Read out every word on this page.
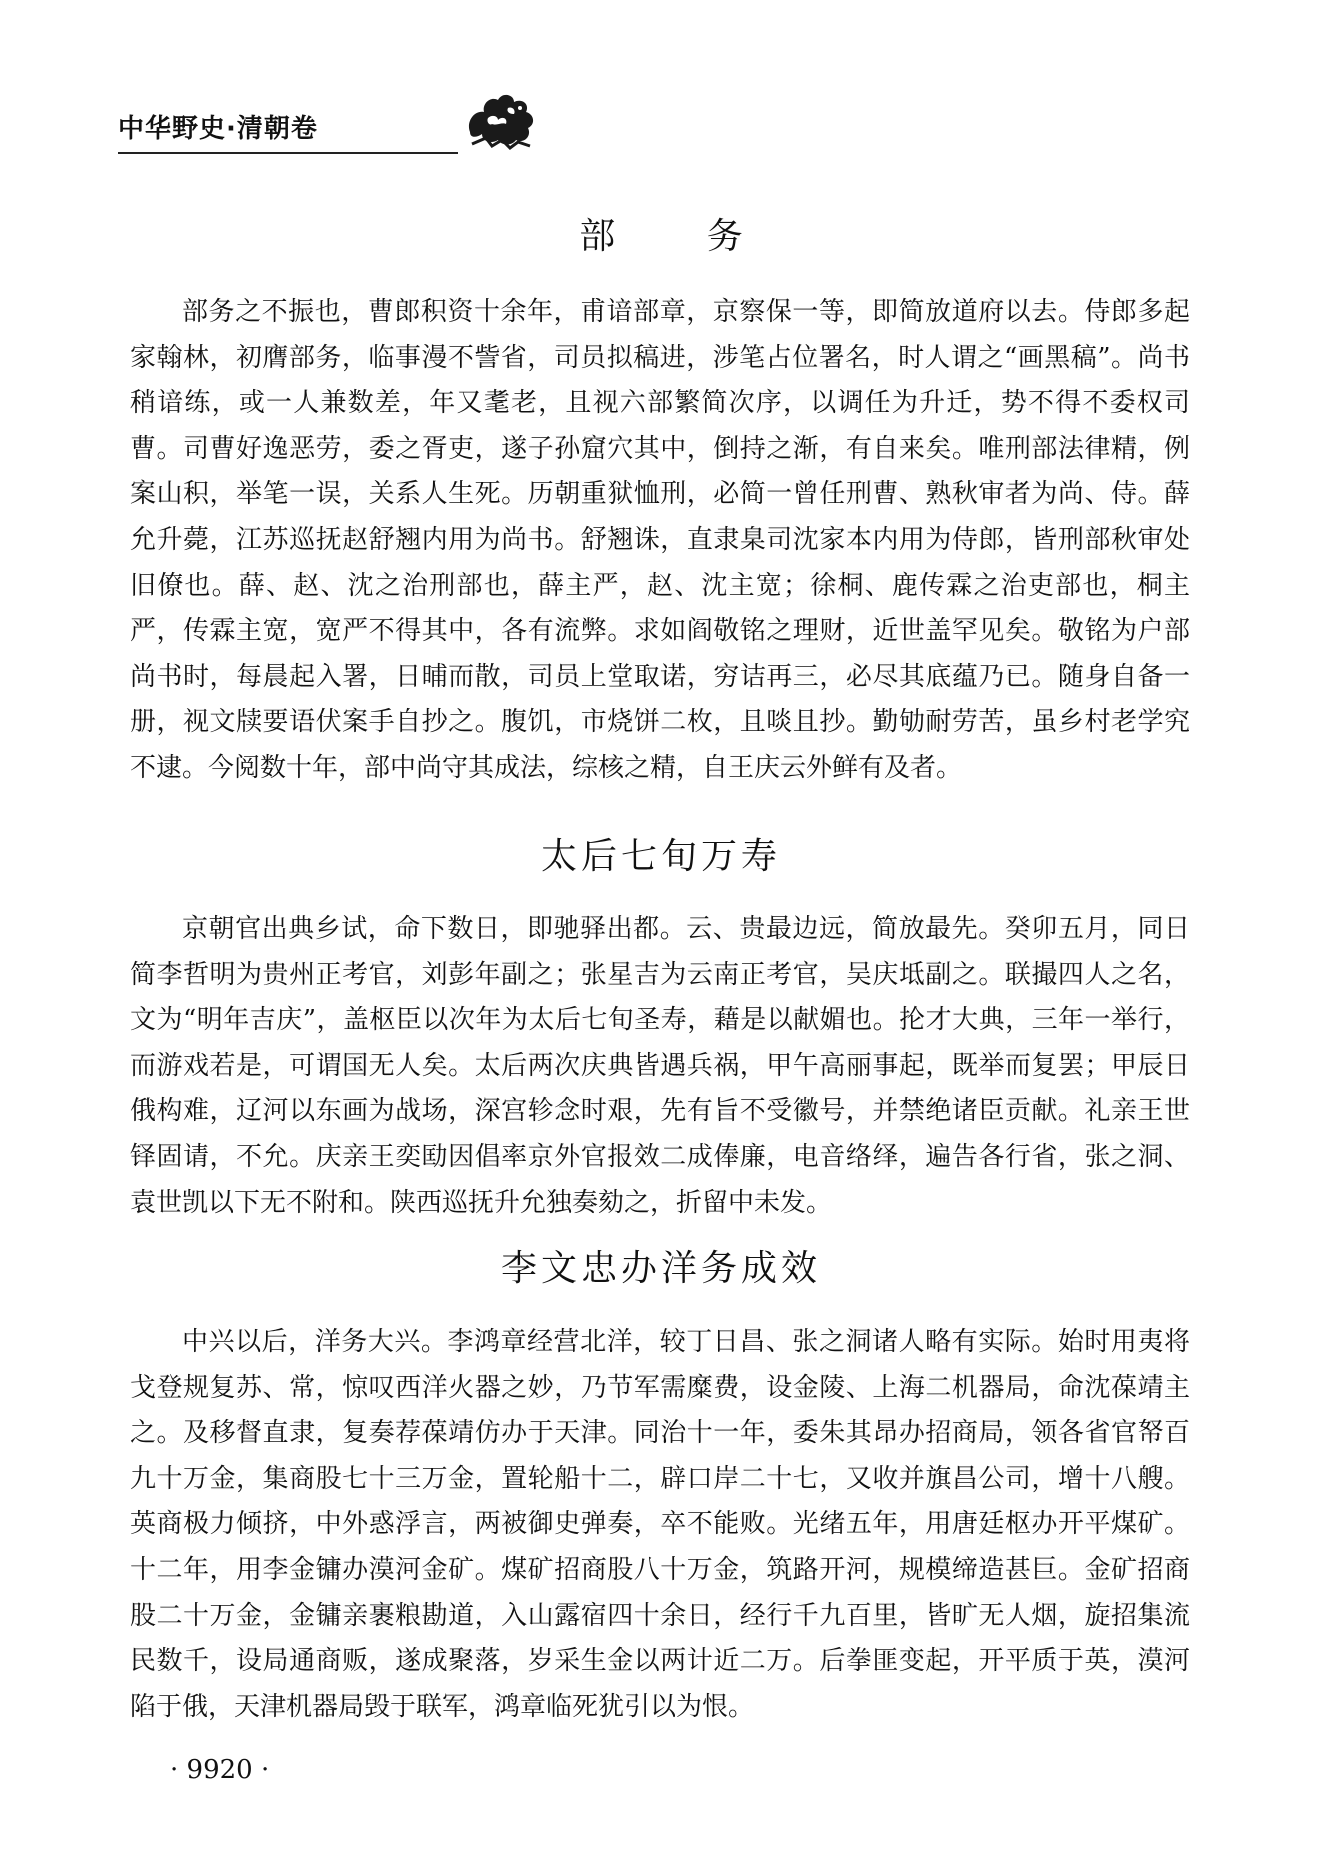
中华野史·清朝卷
部 务

部务之不振也，曹郎积资十余年，甫谙部章，京察保一等，即简放道府以去。侍郎多起家翰林，初膺部务，临事漫不訾省，司员拟稿进，涉笔占位署名，时人谓之“画黑稿”。尚书稍谙练，或一人兼数差，年又耄老，且视六部繁简次序，以调任为升迁，势不得不委权司曹。司曹好逸恶劳，委之胥吏，遂子孙窟穴其中，倒持之渐，有自来矣。唯刑部法律精，例案山积，举笔一误，关系人生死。历朝重狱恤刑，必简一曾任刑曹、熟秋审者为尚、侍。薛允升薨，江苏巡抚赵舒翘内用为尚书。舒翘诛，直隶臬司沈家本内用为侍郎，皆刑部秋审处旧僚也。薛、赵、沈之治刑部也，薛主严，赵、沈主宽；徐桐、鹿传霖之治吏部也，桐主严，传霖主宽，宽严不得其中，各有流弊。求如阎敬铭之理财，近世盖罕见矣。敬铭为户部尚书时，每晨起入署，日晡而散，司员上堂取诺，穷诘再三，必尽其底蕴乃已。随身自备一册，视文牍要语伏案手自抄之。腹饥，市烧饼二枚，且啖且抄。勤劬耐劳苦，虽乡村老学究不逮。今阅数十年，部中尚守其成法，综核之精，自王庆云外鲜有及者。

太后七旬万寿

京朝官出典乡试，命下数日，即驰驿出都。云、贵最边远，简放最先。癸卯五月，同日简李哲明为贵州正考官，刘彭年副之；张星吉为云南正考官，吴庆坻副之。联撮四人之名，文为“明年吉庆”，盖枢臣以次年为太后七旬圣寿，藉是以献媚也。抡才大典，三年一举行，而游戏若是，可谓国无人矣。太后两次庆典皆遇兵祸，甲午高丽事起，既举而复罢；甲辰日俄构难，辽河以东画为战场，深宫轸念时艰，先有旨不受徽号，并禁绝诸臣贡献。礼亲王世铎固请，不允。庆亲王奕劻因倡率京外官报效二成俸廉，电音络绎，遍告各行省，张之洞、袁世凯以下无不附和。陕西巡抚升允独奏劾之，折留中未发。

李文忠办洋务成效

中兴以后，洋务大兴。李鸿章经营北洋，较丁日昌、张之洞诸人略有实际。始时用夷将戈登规复苏、常，惊叹西洋火器之妙，乃节军需糜费，设金陵、上海二机器局，命沈葆靖主之。及移督直隶，复奏荐葆靖仿办于天津。同治十一年，委朱其昂办招商局，领各省官帑百九十万金，集商股七十三万金，置轮船十二，辟口岸二十七，又收并旗昌公司，增十八艘。英商极力倾挤，中外惑浮言，两被御史弹奏，卒不能败。光绪五年，用唐廷枢办开平煤矿。十二年，用李金镛办漠河金矿。煤矿招商股八十万金，筑路开河，规模缔造甚巨。金矿招商股二十万金，金镛亲裹粮勘道，入山露宿四十余日，经行千九百里，皆旷无人烟，旋招集流民数千，设局通商贩，遂成聚落，岁采生金以两计近二万。后拳匪变起，开平质于英，漠河陷于俄，天津机器局毁于联军，鸿章临死犹引以为恨。

· 9920 ·
